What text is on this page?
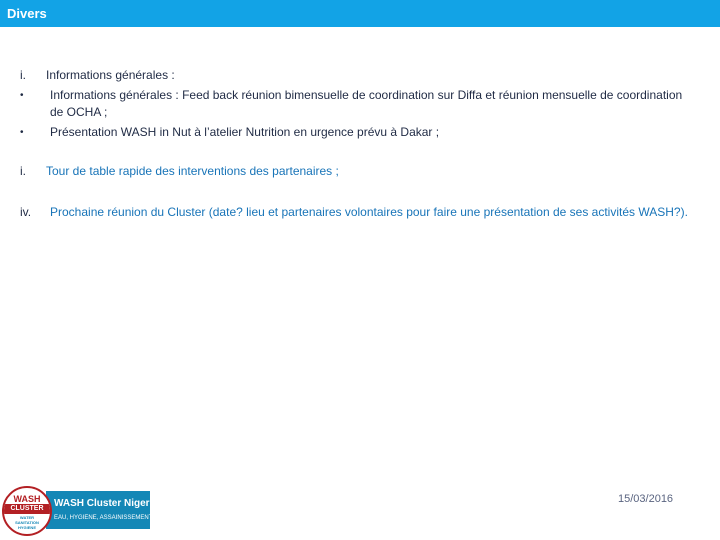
Divers
i. Informations générales :
• Informations générales : Feed back réunion bimensuelle de coordination sur Diffa et réunion mensuelle de coordination de OCHA ;
• Présentation WASH in Nut à l’atelier Nutrition en urgence prévu à Dakar ;
i. Tour de table rapide des interventions des partenaires ;
iv. Prochaine réunion du Cluster (date? lieu et partenaires volontaires pour faire une présentation de ses activités WASH?).
WASH Cluster Niger
EAU, HYGIENE, ASSAINISSEMENT
WASH
CLUSTER
WATER
SANITATION
HYGIENE
15/03/2016
